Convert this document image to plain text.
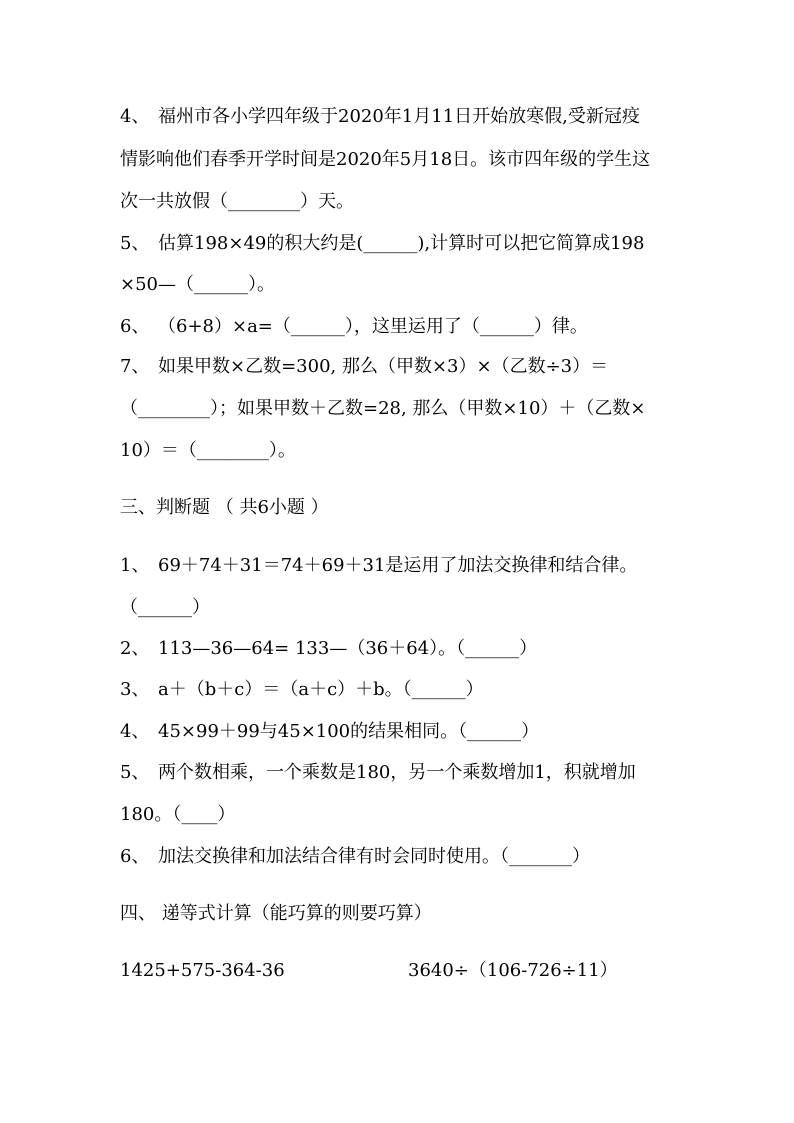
4、 福州市各小学四年级于2020年1月11日开始放寒假,受新冠疫
情影响他们春季开学时间是2020年5月18日。该市四年级的学生这
次一共放假（________）天。
5、 估算198×49的积大约是(______),计算时可以把它简算成198
×50—（______）。
6、 （6+8）×a=（______），这里运用了（______）律。
7、 如果甲数×乙数=300, 那么（甲数×3）×（乙数÷3）＝
（________）；如果甲数＋乙数=28, 那么（甲数×10）＋（乙数×
10）＝（________）。
三、判断题 （ 共6小题 ）
1、 69＋74＋31＝74＋69＋31是运用了加法交换律和结合律。
（______）
2、 113—36—64= 133—（36＋64）。（______）
3、 a＋（b＋c）＝（a＋c）＋b。（______）
4、 45×99＋99与45×100的结果相同。（______）
5、 两个数相乘，一个乘数是180，另一个乘数增加1，积就增加
180。（____）
6、 加法交换律和加法结合律有时会同时使用。（_______）
四、 递等式计算（能巧算的则要巧算）
1425+575-364-36	3640÷（106-726÷11）
